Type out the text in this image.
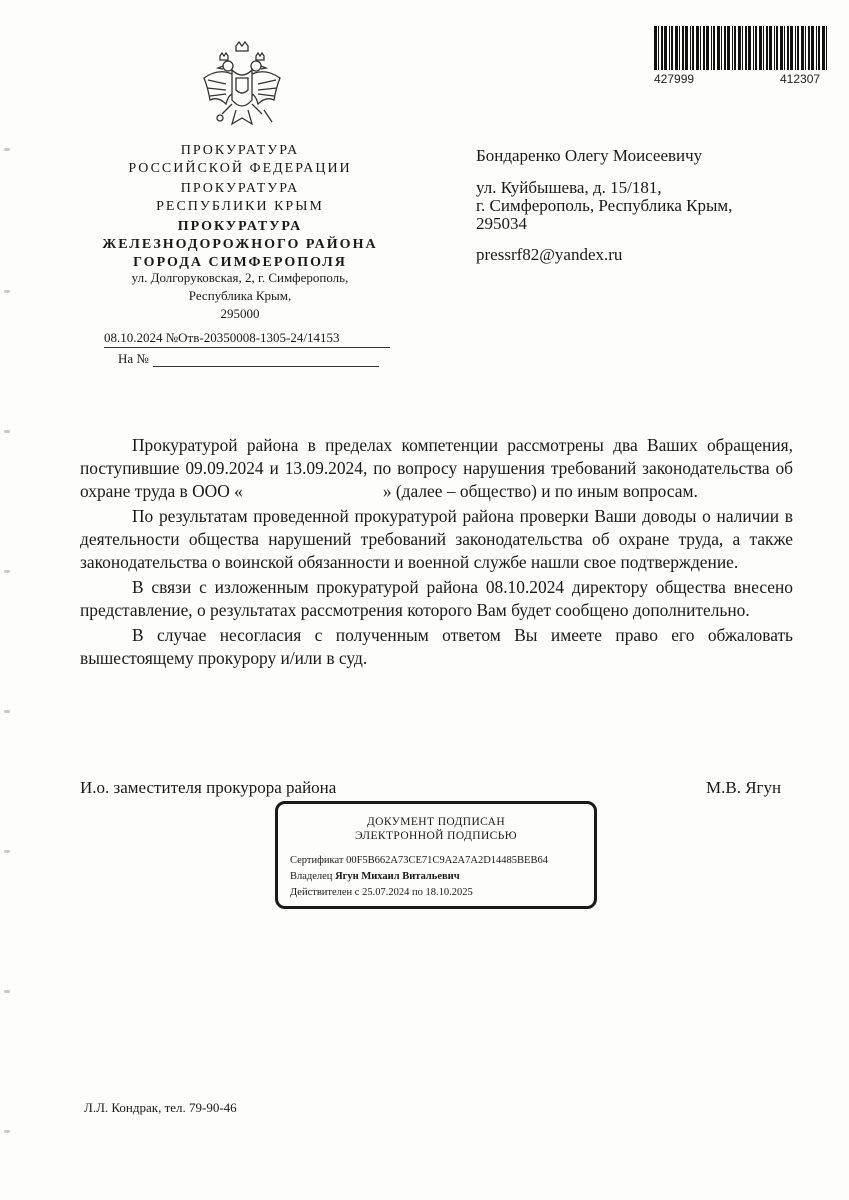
427999	412307
ПРОКУРАТУРА
РОССИЙСКОЙ ФЕДЕРАЦИИ
ПРОКУРАТУРА
РЕСПУБЛИКИ КРЫМ
ПРОКУРАТУРА
ЖЕЛЕЗНОДОРОЖНОГО РАЙОНА
ГОРОДА СИМФЕРОПОЛЯ
ул. Долгоруковская, 2, г. Симферополь,
Республика Крым,
295000
08.10.2024 №Отв-20350008-1305-24/14153
На №
Бондаренко Олегу Моисеевичу
ул. Куйбышева, д. 15/181,
г. Симферополь, Республика Крым,
295034
pressrf82@yandex.ru

Прокуратурой района в пределах компетенции рассмотрены два Ваших обращения, поступившие 09.09.2024 и 13.09.2024, по вопросу нарушения требований законодательства об охране труда в ООО «	» (далее – общество) и по иным вопросам.

По результатам проведенной прокуратурой района проверки Ваши доводы о наличии в деятельности общества нарушений требований законодательства об охране труда, а также законодательства о воинской обязанности и военной службе нашли свое подтверждение.

В связи с изложенным прокуратурой района 08.10.2024 директору общества внесено представление, о результатах рассмотрения которого Вам будет сообщено дополнительно.

В случае несогласия с полученным ответом Вы имеете право его обжаловать вышестоящему прокурору и/или в суд.

И.о. заместителя прокурора района	М.В. Ягун
ДОКУМЕНТ ПОДПИСАН
ЭЛЕКТРОННОЙ ПОДПИСЬЮ
Сертификат 00F5B662A73CE71C9A2A7A2D14485BEB64
Владелец Ягун Михаил Витальевич
Действителен с 25.07.2024 по 18.10.2025
Л.Л. Кондрак, тел. 79-90-46
